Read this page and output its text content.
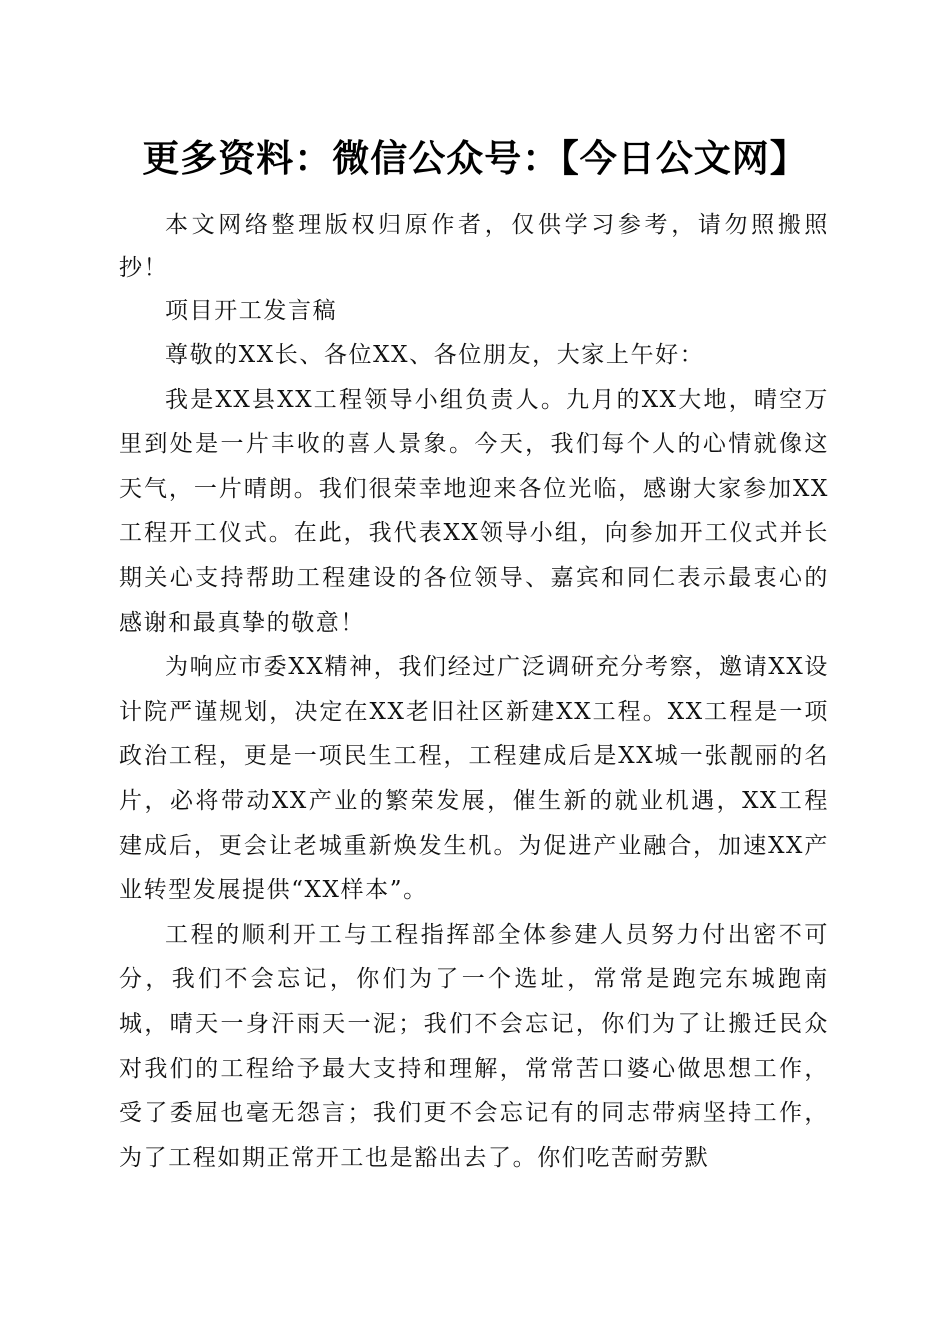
更多资料：微信公众号：【今日公文网】

本文网络整理版权归原作者，仅供学习参考，请勿照搬照抄！

项目开工发言稿

尊敬的XX长、各位XX、各位朋友，大家上午好：

我是XX县XX工程领导小组负责人。九月的XX大地，晴空万里到处是一片丰收的喜人景象。今天，我们每个人的心情就像这天气，一片晴朗。我们很荣幸地迎来各位光临，感谢大家参加XX工程开工仪式。在此，我代表XX领导小组，向参加开工仪式并长期关心支持帮助工程建设的各位领导、嘉宾和同仁表示最衷心的感谢和最真挚的敬意！

为响应市委XX精神，我们经过广泛调研充分考察，邀请XX设计院严谨规划，决定在XX老旧社区新建XX工程。XX工程是一项政治工程，更是一项民生工程，工程建成后是XX城一张靓丽的名片，必将带动XX产业的繁荣发展，催生新的就业机遇，XX工程建成后，更会让老城重新焕发生机。为促进产业融合，加速XX产业转型发展提供“XX样本”。

工程的顺利开工与工程指挥部全体参建人员努力付出密不可分，我们不会忘记，你们为了一个选址，常常是跑完东城跑南城，晴天一身汗雨天一泥；我们不会忘记，你们为了让搬迁民众对我们的工程给予最大支持和理解，常常苦口婆心做思想工作，受了委屈也毫无怨言；我们更不会忘记有的同志带病坚持工作，为了工程如期正常开工也是豁出去了。你们吃苦耐劳默
